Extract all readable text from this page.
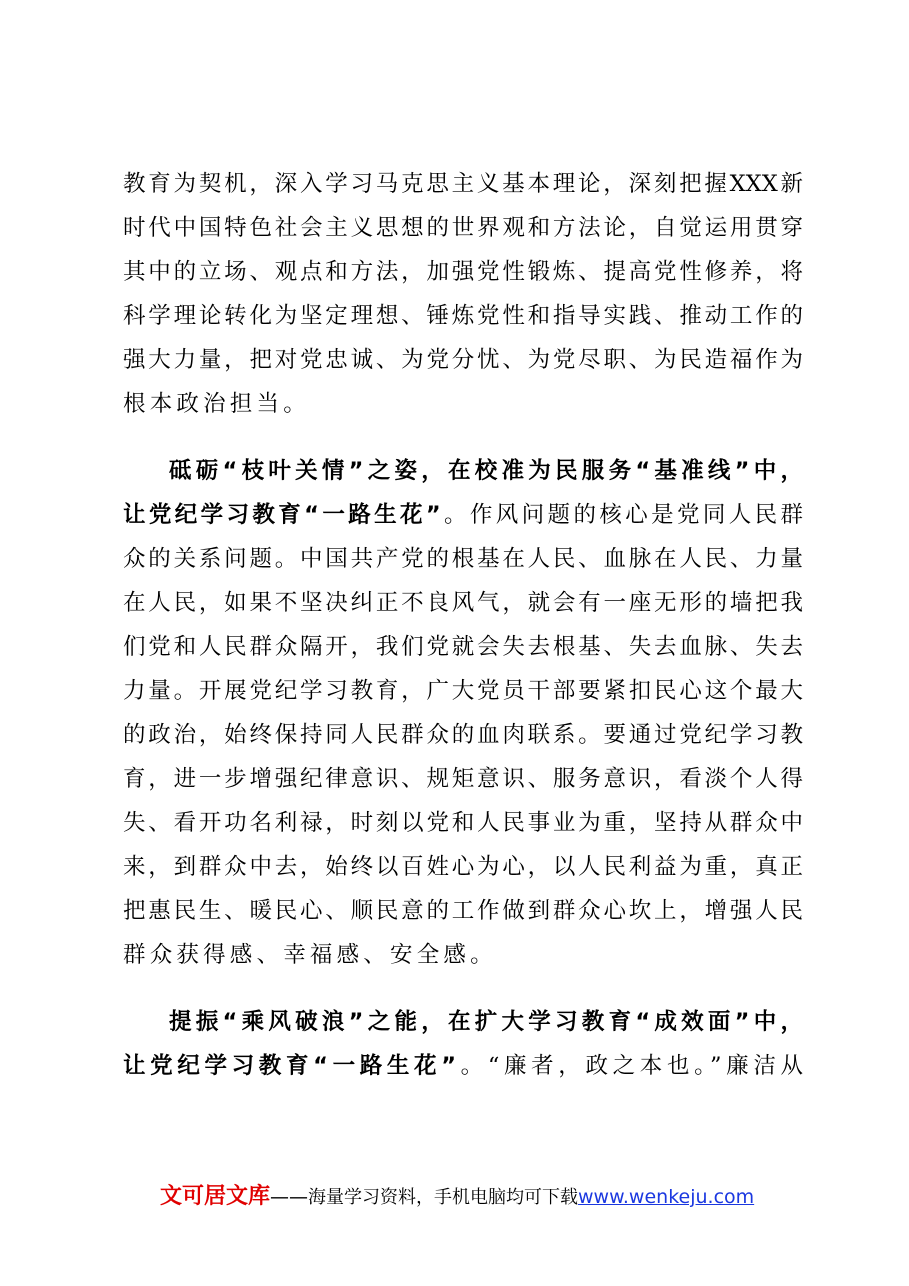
教育为契机，深入学习马克思主义基本理论，深刻把握XXX新
时代中国特色社会主义思想的世界观和方法论，自觉运用贯穿
其中的立场、观点和方法，加强党性锻炼、提高党性修养，将
科学理论转化为坚定理想、锤炼党性和指导实践、推动工作的
强大力量，把对党忠诚、为党分忧、为党尽职、为民造福作为
根本政治担当。
砥砺“枝叶关情”之姿，在校准为民服务“基准线”中，
让党纪学习教育“一路生花”。作风问题的核心是党同人民群
众的关系问题。中国共产党的根基在人民、血脉在人民、力量
在人民，如果不坚决纠正不良风气，就会有一座无形的墙把我
们党和人民群众隔开，我们党就会失去根基、失去血脉、失去
力量。开展党纪学习教育，广大党员干部要紧扣民心这个最大
的政治，始终保持同人民群众的血肉联系。要通过党纪学习教
育，进一步增强纪律意识、规矩意识、服务意识，看淡个人得
失、看开功名利禄，时刻以党和人民事业为重，坚持从群众中
来，到群众中去，始终以百姓心为心，以人民利益为重，真正
把惠民生、暖民心、顺民意的工作做到群众心坎上，增强人民
群众获得感、幸福感、安全感。
提振“乘风破浪”之能，在扩大学习教育“成效面”中，
让党纪学习教育“一路生花”。“廉者，政之本也。”廉洁从
文可居文库——海量学习资料，手机电脑均可下载www.wenkeju.com
